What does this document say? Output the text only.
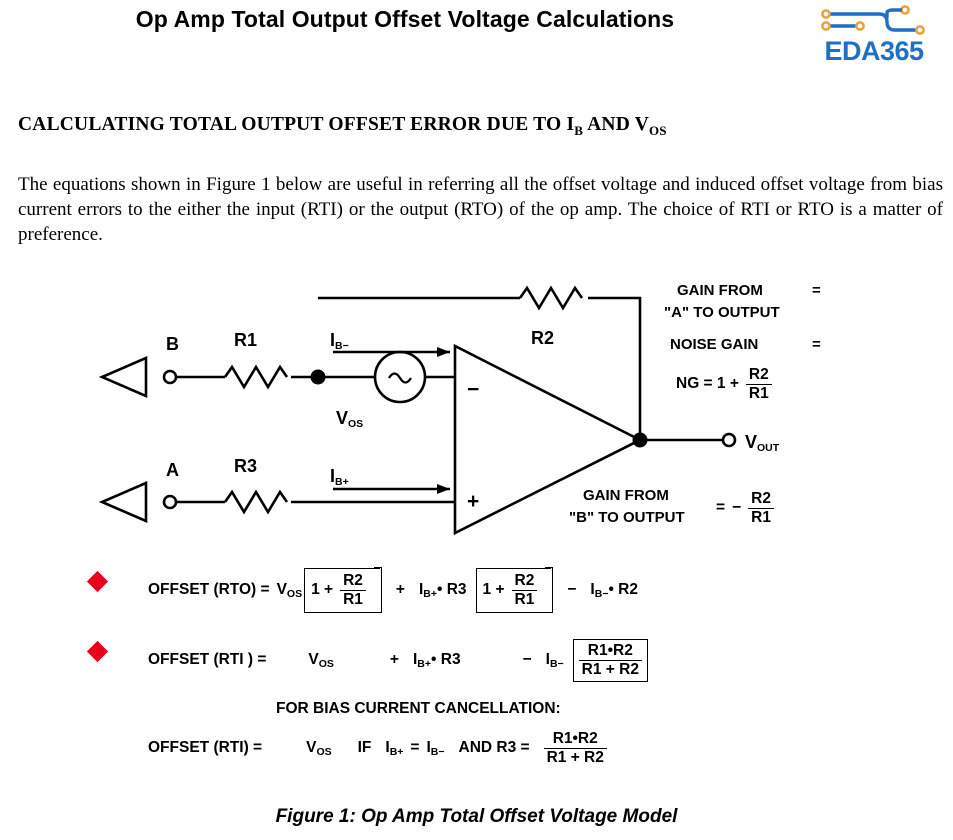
Op Amp Total Output Offset Voltage Calculations
EDA365
CALCULATING TOTAL OUTPUT OFFSET ERROR DUE TO $I_B$ AND $V_{OS}$
The equations shown in Figure 1 below are useful in referring all the offset voltage and induced offset voltage from bias current errors to the either the input (RTI) or the output (RTO) of the op amp. The choice of RTI or RTO is a matter of preference.
B	R1	R2
A	R3
IB−
IB+
VOS
VOUT
−
+
GAIN FROM
"A" TO OUTPUT
=
NOISE GAIN	=
NG = $1 + \frac{R2}{R1}$
GAIN FROM
"B" TO OUTPUT
= − $\frac{R2}{R1}$
OFFSET (RTO) = VOS $1 + \frac{R2}{R1}$ + IB+• R3 $1 + \frac{R2}{R1}$ − IB−• R2
OFFSET (RTI ) =	VOS	+ IB+• R3	− $IB- \frac{R1•R2}{R1 + R2}$
FOR BIAS CURRENT CANCELLATION:
OFFSET (RTI) =	VOS IF IB+ = IB− AND $R3 = \frac{R1•R2}{R1 + R2}$
Figure 1: Op Amp Total Offset Voltage Model
